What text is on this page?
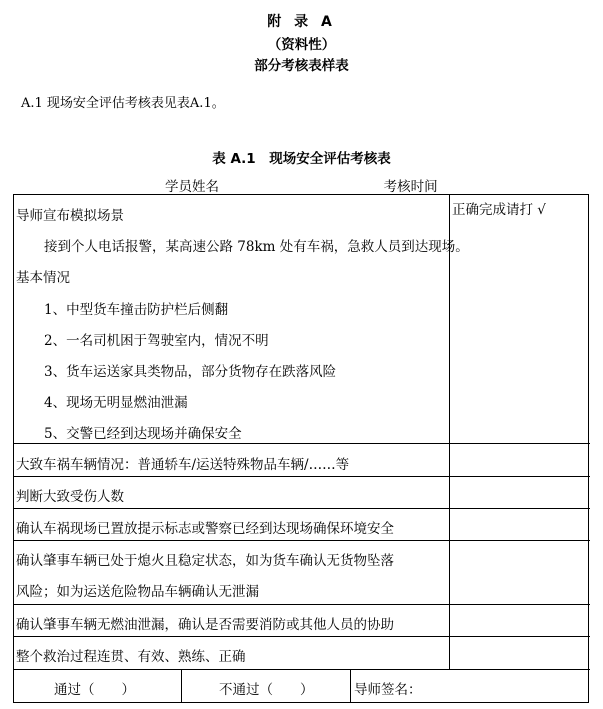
附 录 A
（资料性）
部分考核表样表
A.1 现场安全评估考核表见表A.1。
表 A.1　现场安全评估考核表
学员姓名	考核时间
正确完成请打 √
导师宣布模拟场景
接到个人电话报警，某高速公路 78km 处有车祸，急救人员到达现场。
基本情况
1、中型货车撞击防护栏后侧翻
2、一名司机困于驾驶室内，情况不明
3、货车运送家具类物品，部分货物存在跌落风险
4、现场无明显燃油泄漏
5、交警已经到达现场并确保安全
大致车祸车辆情况：普通轿车/运送特殊物品车辆/……等
判断大致受伤人数
确认车祸现场已置放提示标志或警察已经到达现场确保环境安全
确认肇事车辆已处于熄火且稳定状态，如为货车确认无货物坠落
风险；如为运送危险物品车辆确认无泄漏
确认肇事车辆无燃油泄漏，确认是否需要消防或其他人员的协助
整个救治过程连贯、有效、熟练、正确
通过（　　）	不通过（　　）	导师签名：
